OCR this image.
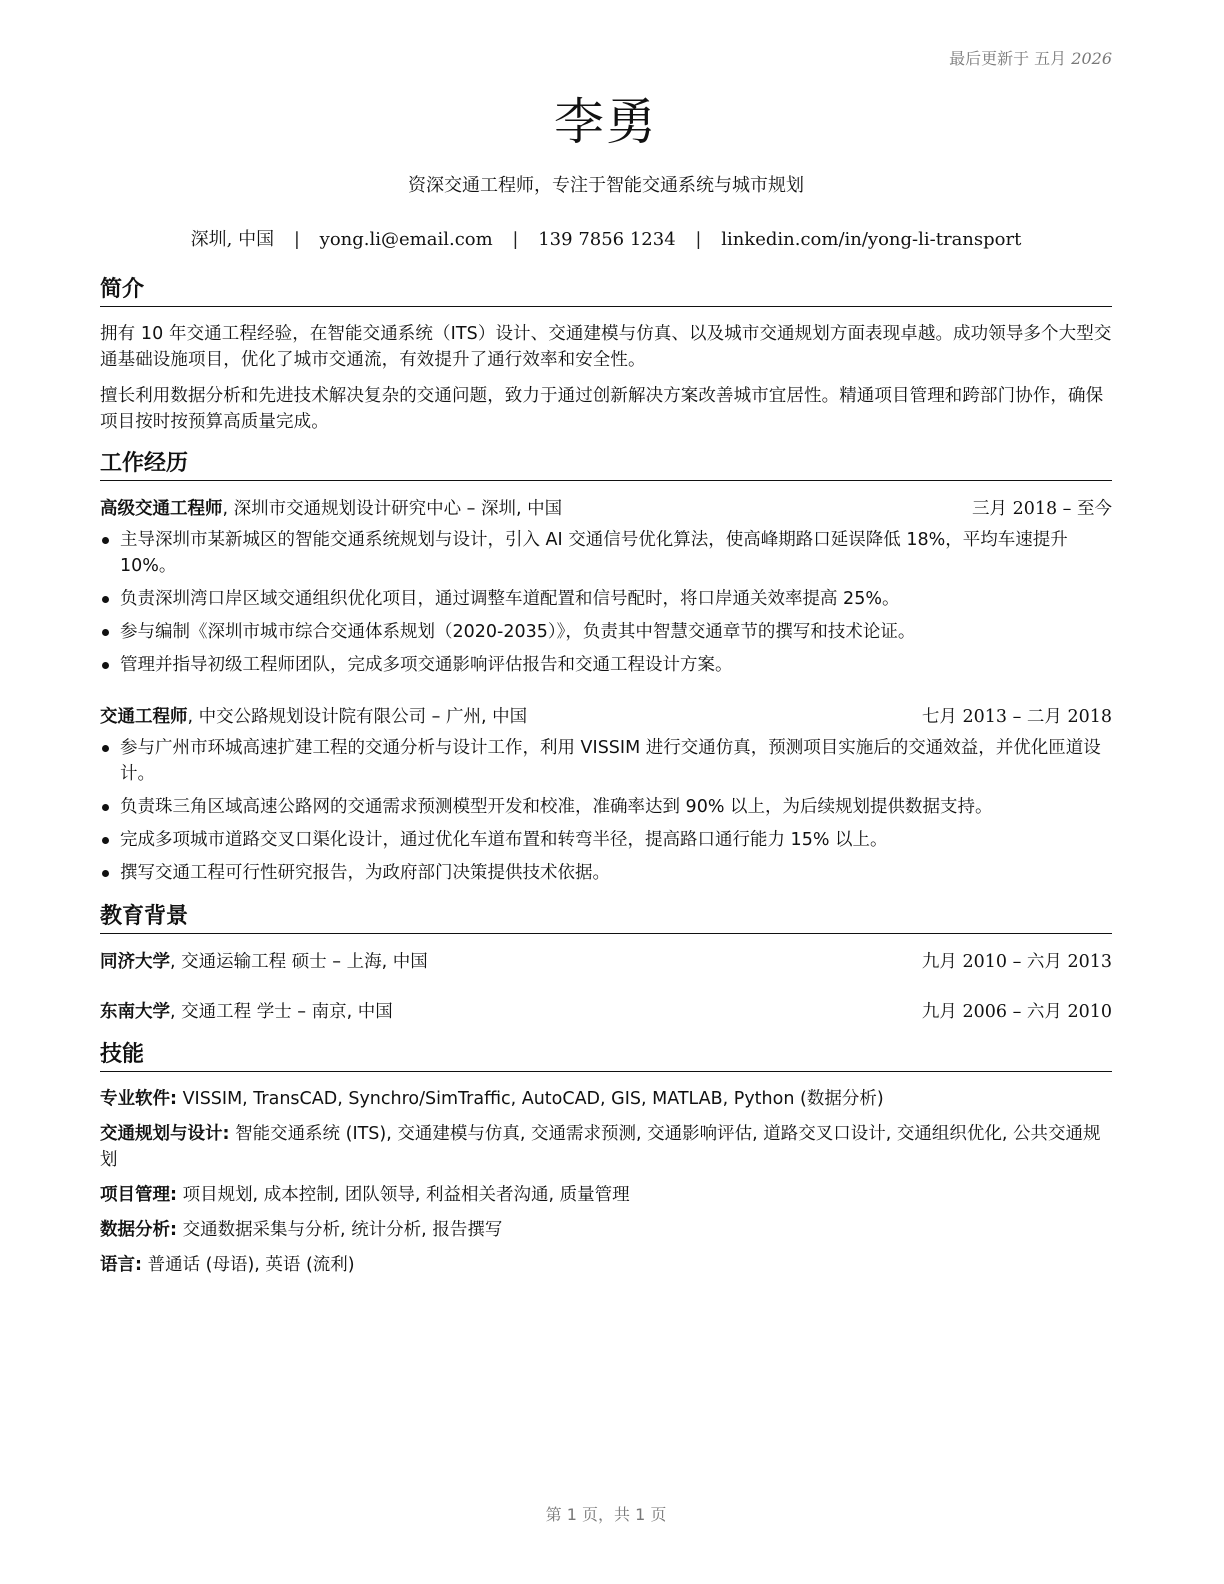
最后更新于 五月 2026
李勇
资深交通工程师，专注于智能交通系统与城市规划
深圳, 中国 | yong.li@email.com | 139 7856 1234 | linkedin.com/in/yong-li-transport
简介
拥有 10 年交通工程经验，在智能交通系统（ITS）设计、交通建模与仿真、以及城市交通规划方面表现卓越。成功领导多个大型交通基础设施项目，优化了城市交通流，有效提升了通行效率和安全性。
擅长利用数据分析和先进技术解决复杂的交通问题，致力于通过创新解决方案改善城市宜居性。精通项目管理和跨部门协作，确保项目按时按预算高质量完成。
工作经历
高级交通工程师, 深圳市交通规划设计研究中心 – 深圳, 中国	三月 2018 – 至今
主导深圳市某新城区的智能交通系统规划与设计，引入 AI 交通信号优化算法，使高峰期路口延误降低 18%，平均车速提升 10%。
负责深圳湾口岸区域交通组织优化项目，通过调整车道配置和信号配时，将口岸通关效率提高 25%。
参与编制《深圳市城市综合交通体系规划（2020-2035）》，负责其中智慧交通章节的撰写和技术论证。
管理并指导初级工程师团队，完成多项交通影响评估报告和交通工程设计方案。
交通工程师, 中交公路规划设计院有限公司 – 广州, 中国	七月 2013 – 二月 2018
参与广州市环城高速扩建工程的交通分析与设计工作，利用 VISSIM 进行交通仿真，预测项目实施后的交通效益，并优化匝道设计。
负责珠三角区域高速公路网的交通需求预测模型开发和校准，准确率达到 90% 以上，为后续规划提供数据支持。
完成多项城市道路交叉口渠化设计，通过优化车道布置和转弯半径，提高路口通行能力 15% 以上。
撰写交通工程可行性研究报告，为政府部门决策提供技术依据。
教育背景
同济大学, 交通运输工程 硕士 – 上海, 中国	九月 2010 – 六月 2013
东南大学, 交通工程 学士 – 南京, 中国	九月 2006 – 六月 2010
技能
专业软件: VISSIM, TransCAD, Synchro/SimTraffic, AutoCAD, GIS, MATLAB, Python (数据分析)
交通规划与设计: 智能交通系统 (ITS), 交通建模与仿真, 交通需求预测, 交通影响评估, 道路交叉口设计, 交通组织优化, 公共交通规划
项目管理: 项目规划, 成本控制, 团队领导, 利益相关者沟通, 质量管理
数据分析: 交通数据采集与分析, 统计分析, 报告撰写
语言: 普通话 (母语), 英语 (流利)
第 1 页，共 1 页
